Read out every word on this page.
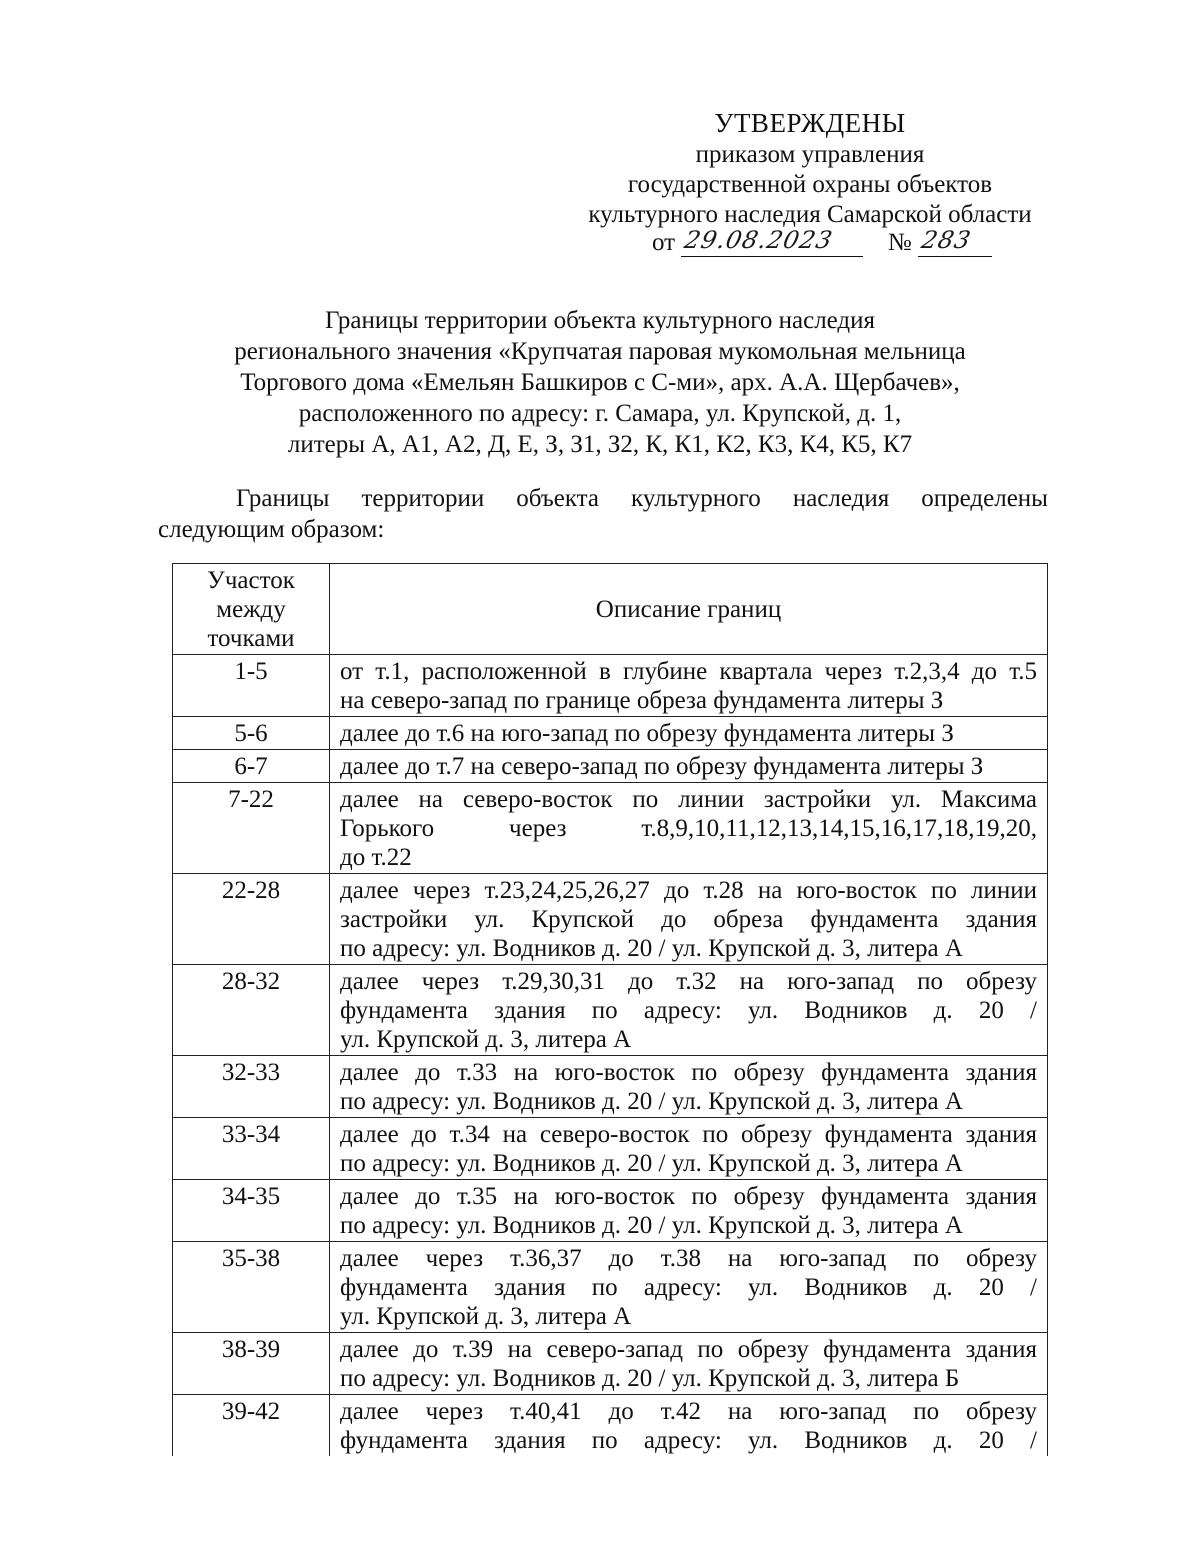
УТВЕРЖДЕНЫ
приказом управления
государственной охраны объектов
культурного наследия Самарской области
от 29.08.2023 № 283
Границы территории объекта культурного наследия
регионального значения «Крупчатая паровая мукомольная мельница
Торгового дома «Емельян Башкиров с С-ми», арх. А.А. Щербачев»,
расположенного по адресу: г. Самара, ул. Крупской, д. 1,
литеры А, А1, А2, Д, Е, З, З1, З2, К, К1, К2, К3, К4, К5, К7
Границы территории объекта культурного наследия определены
следующим образом:
Участок
между
точками	Описание границ
1-5	от т.1, расположенной в глубине квартала через т.2,3,4 до т.5
на северо-запад по границе обреза фундамента литеры З

5-6	далее до т.6 на юго-запад по обрезу фундамента литеры З

6-7	далее до т.7 на северо-запад по обрезу фундамента литеры З

7-22	далее на северо-восток по линии застройки ул. Максима
Горького через т.8,9,10,11,12,13,14,15,16,17,18,19,20,
до т.22

22-28	далее через т.23,24,25,26,27 до т.28 на юго-восток по линии
застройки ул. Крупской до обреза фундамента здания
по адресу: ул. Водников д. 20 / ул. Крупской д. 3, литера А

28-32	далее через т.29,30,31 до т.32 на юго-запад по обрезу
фундамента здания по адресу: ул. Водников д. 20 /
ул. Крупской д. 3, литера А

32-33	далее до т.33 на юго-восток по обрезу фундамента здания
по адресу: ул. Водников д. 20 / ул. Крупской д. 3, литера А

33-34	далее до т.34 на северо-восток по обрезу фундамента здания
по адресу: ул. Водников д. 20 / ул. Крупской д. 3, литера А

34-35	далее до т.35 на юго-восток по обрезу фундамента здания
по адресу: ул. Водников д. 20 / ул. Крупской д. 3, литера А

35-38	далее через т.36,37 до т.38 на юго-запад по обрезу
фундамента здания по адресу: ул. Водников д. 20 /
ул. Крупской д. 3, литера А

38-39	далее до т.39 на северо-запад по обрезу фундамента здания
по адресу: ул. Водников д. 20 / ул. Крупской д. 3, литера Б

39-42	далее через т.40,41 до т.42 на юго-запад по обрезу
фундамента здания по адресу: ул. Водников д. 20 /
